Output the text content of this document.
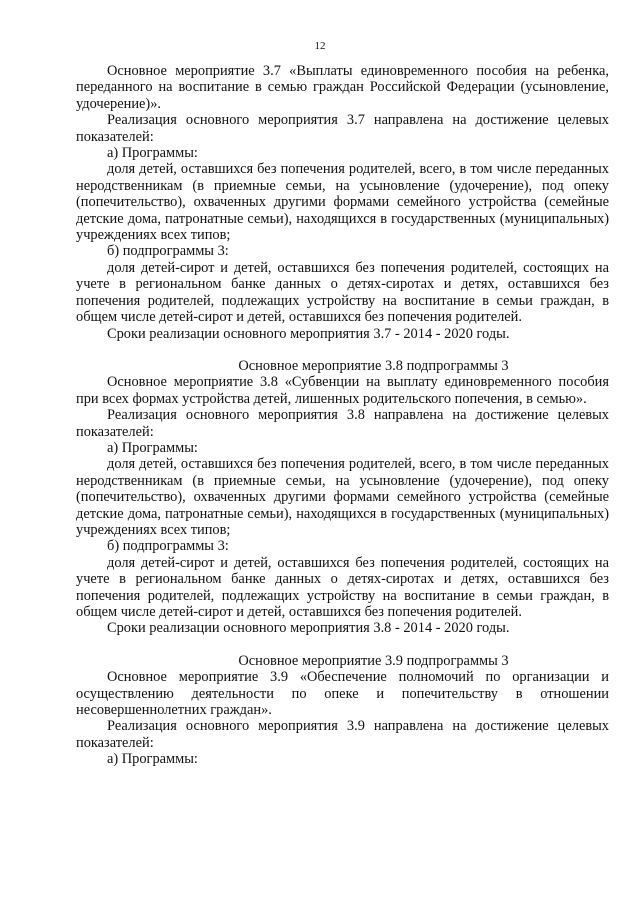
12

Основное мероприятие 3.7 «Выплаты единовременного пособия на ребенка, переданного на воспитание в семью граждан Российской Федерации (усыновление, удочерение)».

Реализация основного мероприятия 3.7 направлена на достижение целевых показателей:

а) Программы:

доля детей, оставшихся без попечения родителей, всего, в том числе переданных неродственникам (в приемные семьи, на усыновление (удочерение), под опеку (попечительство), охваченных другими формами семейного устройства (семейные детские дома, патронатные семьи), находящихся в государственных (муниципальных) учреждениях всех типов;

б) подпрограммы 3:

доля детей-сирот и детей, оставшихся без попечения родителей, состоящих на учете в региональном банке данных о детях-сиротах и детях, оставшихся без попечения родителей, подлежащих устройству на воспитание в семьи граждан, в общем числе детей-сирот и детей, оставшихся без попечения родителей.

Сроки реализации основного мероприятия 3.7 - 2014 - 2020 годы.

Основное мероприятие 3.8 подпрограммы 3

Основное мероприятие 3.8 «Субвенции на выплату единовременного пособия при всех формах устройства детей, лишенных родительского попечения, в семью».

Реализация основного мероприятия 3.8 направлена на достижение целевых показателей:

а) Программы:

доля детей, оставшихся без попечения родителей, всего, в том числе переданных неродственникам (в приемные семьи, на усыновление (удочерение), под опеку (попечительство), охваченных другими формами семейного устройства (семейные детские дома, патронатные семьи), находящихся в государственных (муниципальных) учреждениях всех типов;

б) подпрограммы 3:

доля детей-сирот и детей, оставшихся без попечения родителей, состоящих на учете в региональном банке данных о детях-сиротах и детях, оставшихся без попечения родителей, подлежащих устройству на воспитание в семьи граждан, в общем числе детей-сирот и детей, оставшихся без попечения родителей.

Сроки реализации основного мероприятия 3.8 - 2014 - 2020 годы.

Основное мероприятие 3.9 подпрограммы 3

Основное мероприятие 3.9 «Обеспечение полномочий по организации и осуществлению деятельности по опеке и попечительству в отношении несовершеннолетних граждан».

Реализация основного мероприятия 3.9 направлена на достижение целевых показателей:

а) Программы:
